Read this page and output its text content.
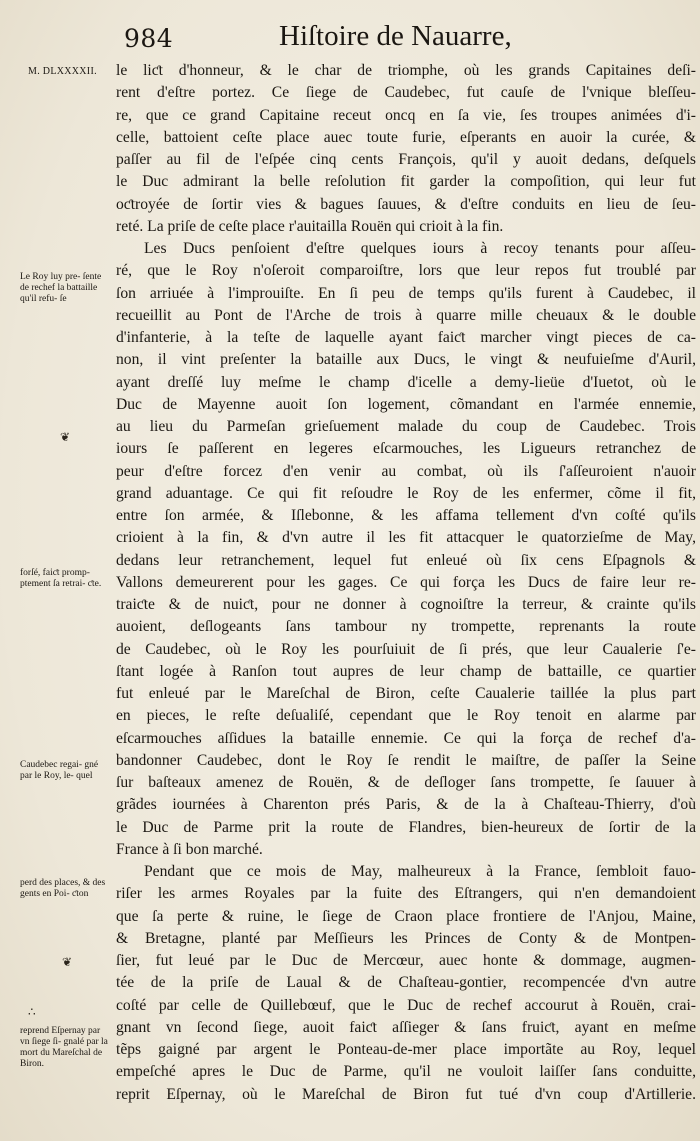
984	Hiſtoire de Nauarre,
M. DLXXXXII.
Le Roy luy pre- ſente de rechef la battaille qu'il refu- ſe
❦
forſé, faiƈt promp- ptement ſa retrai- ƈte.
Caudebec regai- gné par le Roy, le- quel
perd des places, & des gents en Poi- ƈton
❦
∴
reprend Eſpernay par vn ſiege ſi- gnalé par la mort du Mareſchal de Biron.
le liƈt d'honneur, & le char de triomphe, où les grands Capitaines deſi-
rent d'eſtre portez. Ce ſiege de Caudebec, fut cauſe de l'vnique bleſſeu-
re, que ce grand Capitaine receut oncq en ſa vie, ſes troupes animées d'i-
celle, battoient ceſte place auec toute furie, eſperants en auoir la curée, &
paſſer au fil de l'eſpée cinq cents François, qu'il y auoit dedans, deſquels
le Duc admirant la belle reſolution fit garder la compoſition, qui leur fut
oƈtroyée de ſortir vies & bagues ſauues, & d'eſtre conduits en lieu de ſeu-
reté. La priſe de ceſte place r'auitailla Rouën qui crioit à la fin.
Les Ducs penſoient d'eſtre quelques iours à recoy tenants pour aſſeu-
ré, que le Roy n'oſeroit comparoiſtre, lors que leur repos fut troublé par
ſon arriuée à l'improuiſte. En ſi peu de temps qu'ils furent à Caudebec, il
recueillit au Pont de l'Arche de trois à quarre mille cheuaux & le double
d'infanterie, à la teſte de laquelle ayant faiƈt marcher vingt pieces de ca-
non, il vint preſenter la bataille aux Ducs, le vingt & neufuieſme d'Auril,
ayant dreſſé luy meſme le champ d'icelle a demy-lieüe d'Iuetot, où le
Duc de Mayenne auoit ſon logement, cõmandant en l'armée ennemie,
au lieu du Parmeſan grieſuement malade du coup de Caudebec. Trois
iours ſe paſſerent en legeres eſcarmouches, les Ligueurs retranchez de
peur d'eſtre forcez d'en venir au combat, où ils ſ'aſſeuroient n'auoir
grand aduantage. Ce qui fit reſoudre le Roy de les enfermer, cõme il fit,
entre ſon armée, & Iſlebonne, & les affama tellement d'vn coſté qu'ils
crioient à la fin, & d'vn autre il les fit attacquer le quatorzieſme de May,
dedans leur retranchement, lequel fut enleué où ſix cens Eſpagnols &
Vallons demeurerent pour les gages. Ce qui força les Ducs de faire leur re-
traiƈte & de nuiƈt, pour ne donner à cognoiſtre la terreur, & crainte qu'ils
auoient, deſlogeants ſans tambour ny trompette, reprenants la route
de Caudebec, où le Roy les pourſuiuit de ſi prés, que leur Caualerie ſ'e-
ſtant logée à Ranſon tout aupres de leur champ de battaille, ce quartier
fut enleué par le Mareſchal de Biron, ceſte Caualerie taillée la plus part
en pieces, le reſte deſualiſé, cependant que le Roy tenoit en alarme par
eſcarmouches aſſidues la bataille ennemie. Ce qui la força de rechef d'a-
bandonner Caudebec, dont le Roy ſe rendit le maiſtre, de paſſer la Seine
ſur baſteaux amenez de Rouën, & de deſloger ſans trompette, ſe ſauuer à
grãdes iournées à Charenton prés Paris, & de la à Chaſteau-Thierry, d'où
le Duc de Parme prit la route de Flandres, bien-heureux de ſortir de la
France à ſi bon marché.
Pendant que ce mois de May, malheureux à la France, ſembloit fauo-
riſer les armes Royales par la fuite des Eſtrangers, qui n'en demandoient
que ſa perte & ruine, le ſiege de Craon place frontiere de l'Anjou, Maine,
& Bretagne, planté par Meſſieurs les Princes de Conty & de Montpen-
ſier, fut leué par le Duc de Mercœur, auec honte & dommage, augmen-
tée de la priſe de Laual & de Chaſteau-gontier, recompencée d'vn autre
coſté par celle de Quillebœuf, que le Duc de rechef accourut à Rouën, crai-
gnant vn ſecond ſiege, auoit faiƈt aſſieger & ſans fruiƈt, ayant en meſme
tẽps gaigné par argent le Ponteau-de-mer place importãte au Roy, lequel
empeſché apres le Duc de Parme, qu'il ne vouloit laiſſer ſans conduitte,
reprit Eſpernay, où le Mareſchal de Biron fut tué d'vn coup d'Artillerie.
